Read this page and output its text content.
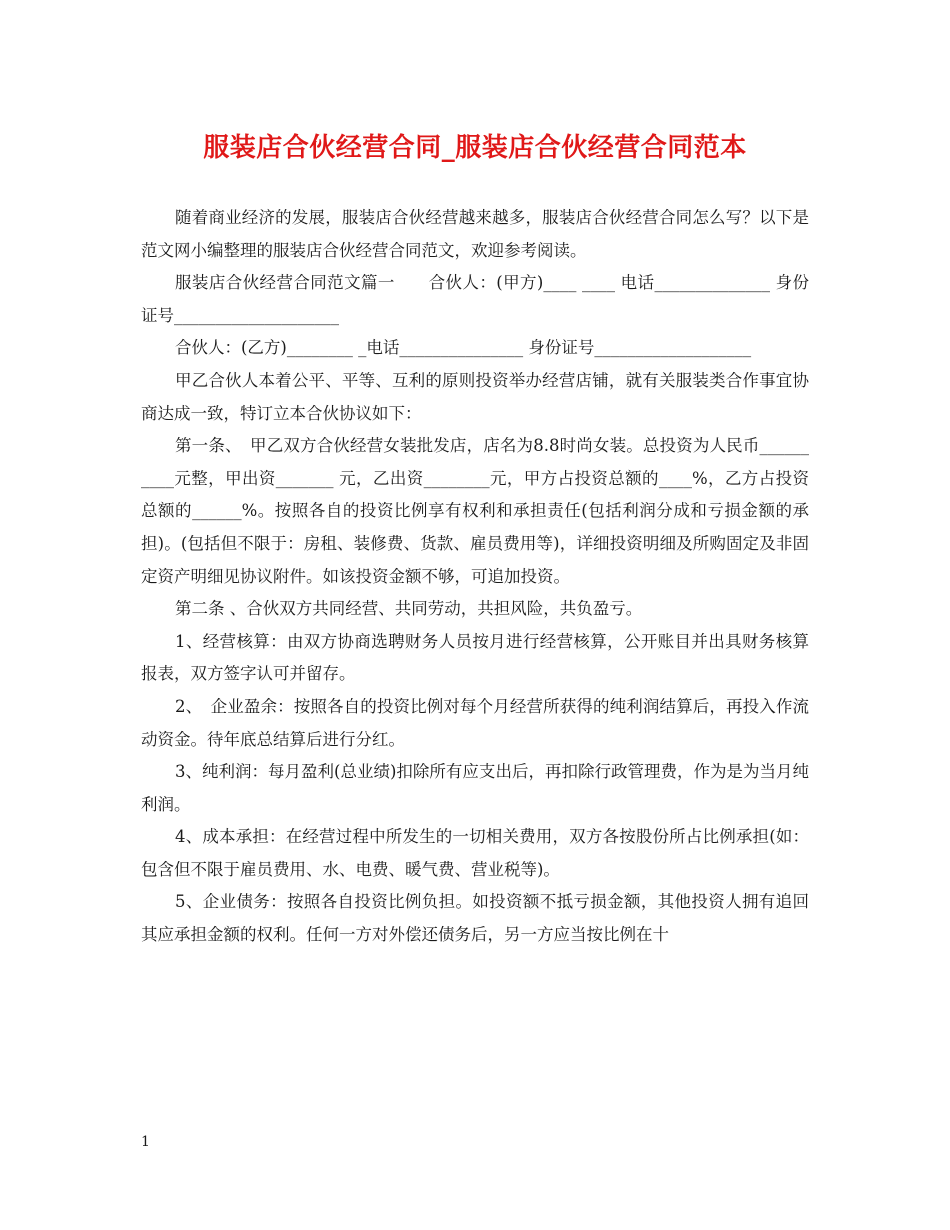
服装店合伙经营合同_服装店合伙经营合同范本

随着商业经济的发展，服装店合伙经营越来越多，服装店合伙经营合同怎么写？以下是范文网小编整理的服装店合伙经营合同范文，欢迎参考阅读。

服装店合伙经营合同范文篇一　　合伙人：(甲方)____ ____ 电话______________ 身份证号____________________

合伙人：(乙方)________ _电话_______________ 身份证号___________________

甲乙合伙人本着公平、平等、互利的原则投资举办经营店铺，就有关服装类合作事宜协商达成一致，特订立本合伙协议如下：

第一条、　甲乙双方合伙经营女装批发店，店名为8.8时尚女装。总投资为人民币__________元整，甲出资_______ 元，乙出资________元，甲方占投资总额的____%，乙方占投资总额的______%。按照各自的投资比例享有权利和承担责任(包括利润分成和亏损金额的承担)。(包括但不限于：房租、装修费、货款、雇员费用等)，详细投资明细及所购固定及非固定资产明细见协议附件。如该投资金额不够，可追加投资。

第二条 、合伙双方共同经营、共同劳动，共担风险，共负盈亏。

1、经营核算：由双方协商选聘财务人员按月进行经营核算，公开账目并出具财务核算报表，双方签字认可并留存。

2、　企业盈余：按照各自的投资比例对每个月经营所获得的纯利润结算后，再投入作流动资金。待年底总结算后进行分红。

3、纯利润：每月盈利(总业绩)扣除所有应支出后，再扣除行政管理费，作为是为当月纯利润。

4、成本承担：在经营过程中所发生的一切相关费用，双方各按股份所占比例承担(如：包含但不限于雇员费用、水、电费、暖气费、营业税等)。

5、企业债务：按照各自投资比例负担。如投资额不抵亏损金额，其他投资人拥有追回其应承担金额的权利。任何一方对外偿还债务后，另一方应当按比例在十

1
